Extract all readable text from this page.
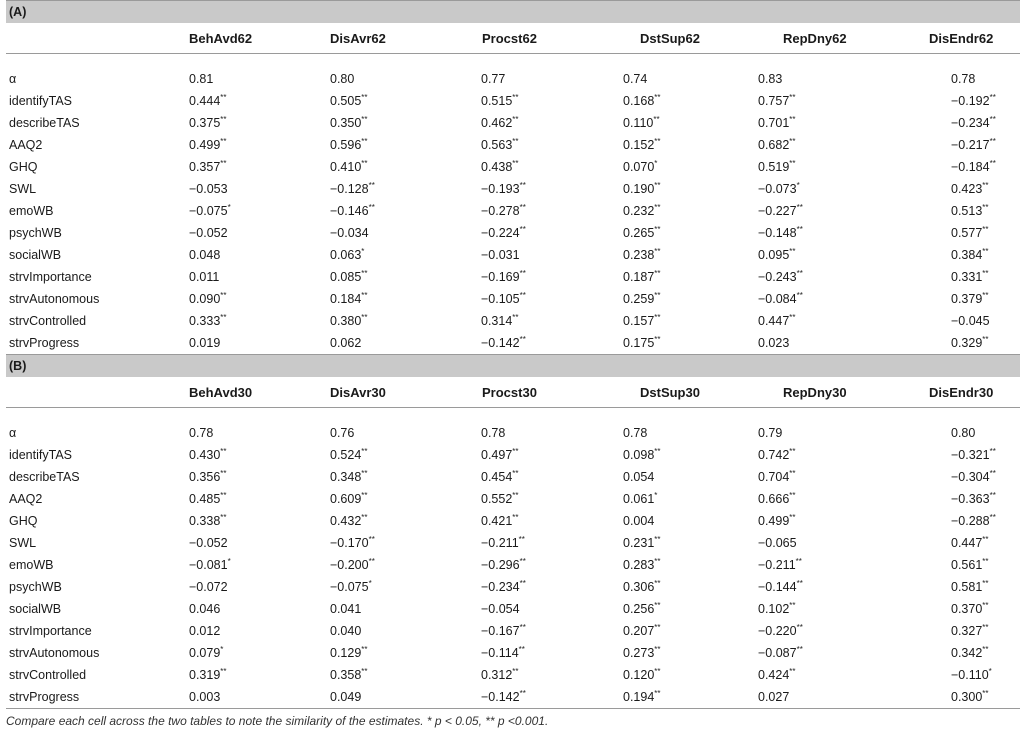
(A)						
	BehAvd62	DisAvr62	Procst62	DstSup62	RepDny62	DisEndr62

α	0.81	0.80	0.77	0.74	0.83	0.78
identifyTAS	0.444**	0.505**	0.515**	0.168**	0.757**	−0.192**
describeTAS	0.375**	0.350**	0.462**	0.110**	0.701**	−0.234**
AAQ2	0.499**	0.596**	0.563**	0.152**	0.682**	−0.217**
GHQ	0.357**	0.410**	0.438**	0.070*	0.519**	−0.184**
SWL	−0.053	−0.128**	−0.193**	0.190**	−0.073*	0.423**
emoWB	−0.075*	−0.146**	−0.278**	0.232**	−0.227**	0.513**
psychWB	−0.052	−0.034	−0.224**	0.265**	−0.148**	0.577**
socialWB	0.048	0.063*	−0.031	0.238**	0.095**	0.384**
strvImportance	0.011	0.085**	−0.169**	0.187**	−0.243**	0.331**
strvAutonomous	0.090**	0.184**	−0.105**	0.259**	−0.084**	0.379**
strvControlled	0.333**	0.380**	0.314**	0.157**	0.447**	−0.045
strvProgress	0.019	0.062	−0.142**	0.175**	0.023	0.329**
(B)						
	BehAvd30	DisAvr30	Procst30	DstSup30	RepDny30	DisEndr30

α	0.78	0.76	0.78	0.78	0.79	0.80
identifyTAS	0.430**	0.524**	0.497**	0.098**	0.742**	−0.321**
describeTAS	0.356**	0.348**	0.454**	0.054	0.704**	−0.304**
AAQ2	0.485**	0.609**	0.552**	0.061*	0.666**	−0.363**
GHQ	0.338**	0.432**	0.421**	0.004	0.499**	−0.288**
SWL	−0.052	−0.170**	−0.211**	0.231**	−0.065	0.447**
emoWB	−0.081*	−0.200**	−0.296**	0.283**	−0.211**	0.561**
psychWB	−0.072	−0.075*	−0.234**	0.306**	−0.144**	0.581**
socialWB	0.046	0.041	−0.054	0.256**	0.102**	0.370**
strvImportance	0.012	0.040	−0.167**	0.207**	−0.220**	0.327**
strvAutonomous	0.079*	0.129**	−0.114**	0.273**	−0.087**	0.342**
strvControlled	0.319**	0.358**	0.312**	0.120**	0.424**	−0.110*
strvProgress	0.003	0.049	−0.142**	0.194**	0.027	0.300**
Compare each cell across the two tables to note the similarity of the estimates. * p < 0.05, ** p <0.001.
